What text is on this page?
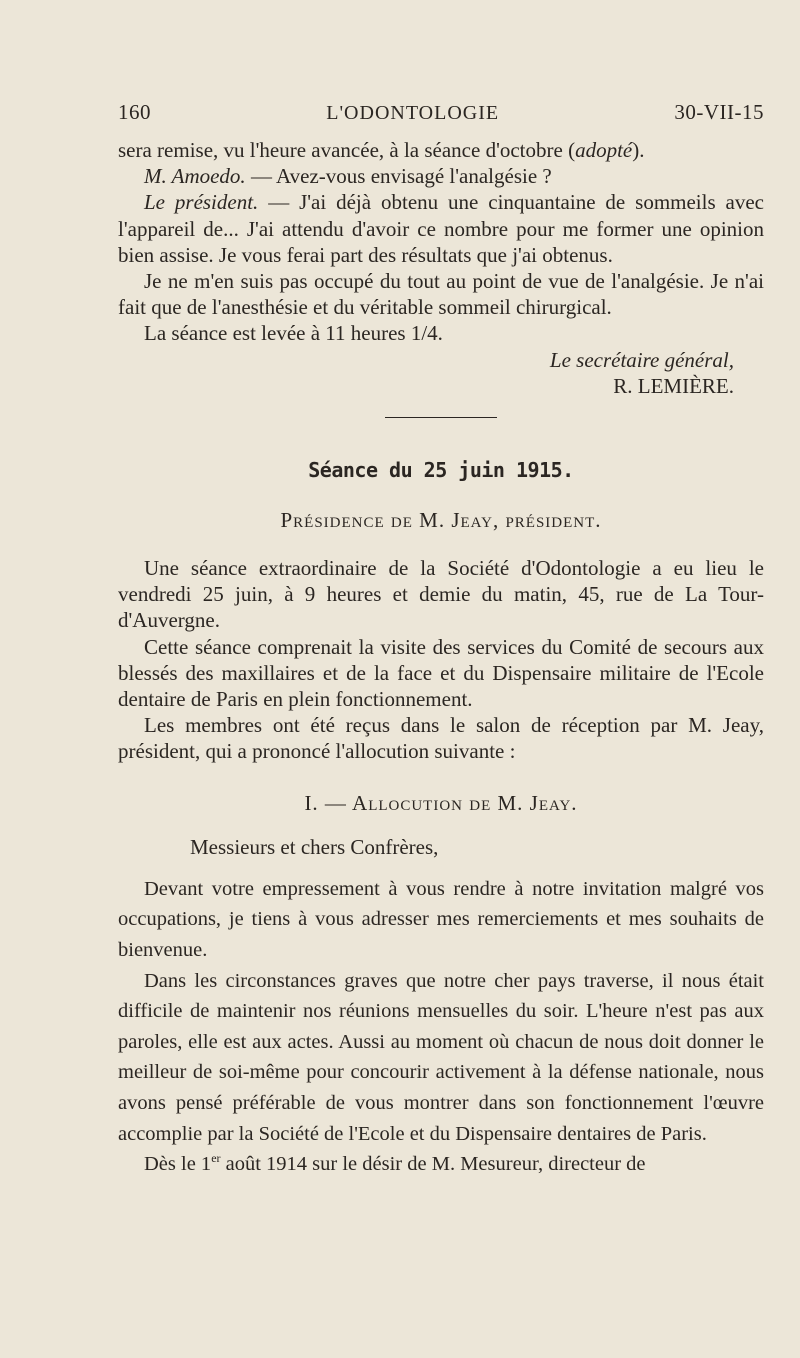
160	L'ODONTOLOGIE	30-VII-15

sera remise, vu l'heure avancée, à la séance d'octobre (adopté).

M. Amoedo. — Avez-vous envisagé l'analgésie ?

Le président. — J'ai déjà obtenu une cinquantaine de sommeils avec l'appareil de... J'ai attendu d'avoir ce nombre pour me former une opinion bien assise. Je vous ferai part des résultats que j'ai obtenus.

Je ne m'en suis pas occupé du tout au point de vue de l'analgésie. Je n'ai fait que de l'anesthésie et du véritable sommeil chirurgical.

La séance est levée à 11 heures 1/4.

Le secrétaire général,

R. LEMIÈRE.

Séance du 25 juin 1915.
Présidence de M. Jeay, président.

Une séance extraordinaire de la Société d'Odontologie a eu lieu le vendredi 25 juin, à 9 heures et demie du matin, 45, rue de La Tour-d'Auvergne.

Cette séance comprenait la visite des services du Comité de secours aux blessés des maxillaires et de la face et du Dispensaire militaire de l'Ecole dentaire de Paris en plein fonctionnement.

Les membres ont été reçus dans le salon de réception par M. Jeay, président, qui a prononcé l'allocution suivante :

I. — Allocution de M. Jeay.

Messieurs et chers Confrères,

Devant votre empressement à vous rendre à notre invitation malgré vos occupations, je tiens à vous adresser mes remerciements et mes souhaits de bienvenue.

Dans les circonstances graves que notre cher pays traverse, il nous était difficile de maintenir nos réunions mensuelles du soir. L'heure n'est pas aux paroles, elle est aux actes. Aussi au moment où chacun de nous doit donner le meilleur de soi-même pour concourir activement à la défense nationale, nous avons pensé préférable de vous montrer dans son fonctionnement l'œuvre accomplie par la Société de l'Ecole et du Dispensaire dentaires de Paris.

Dès le 1er août 1914 sur le désir de M. Mesureur, directeur de
